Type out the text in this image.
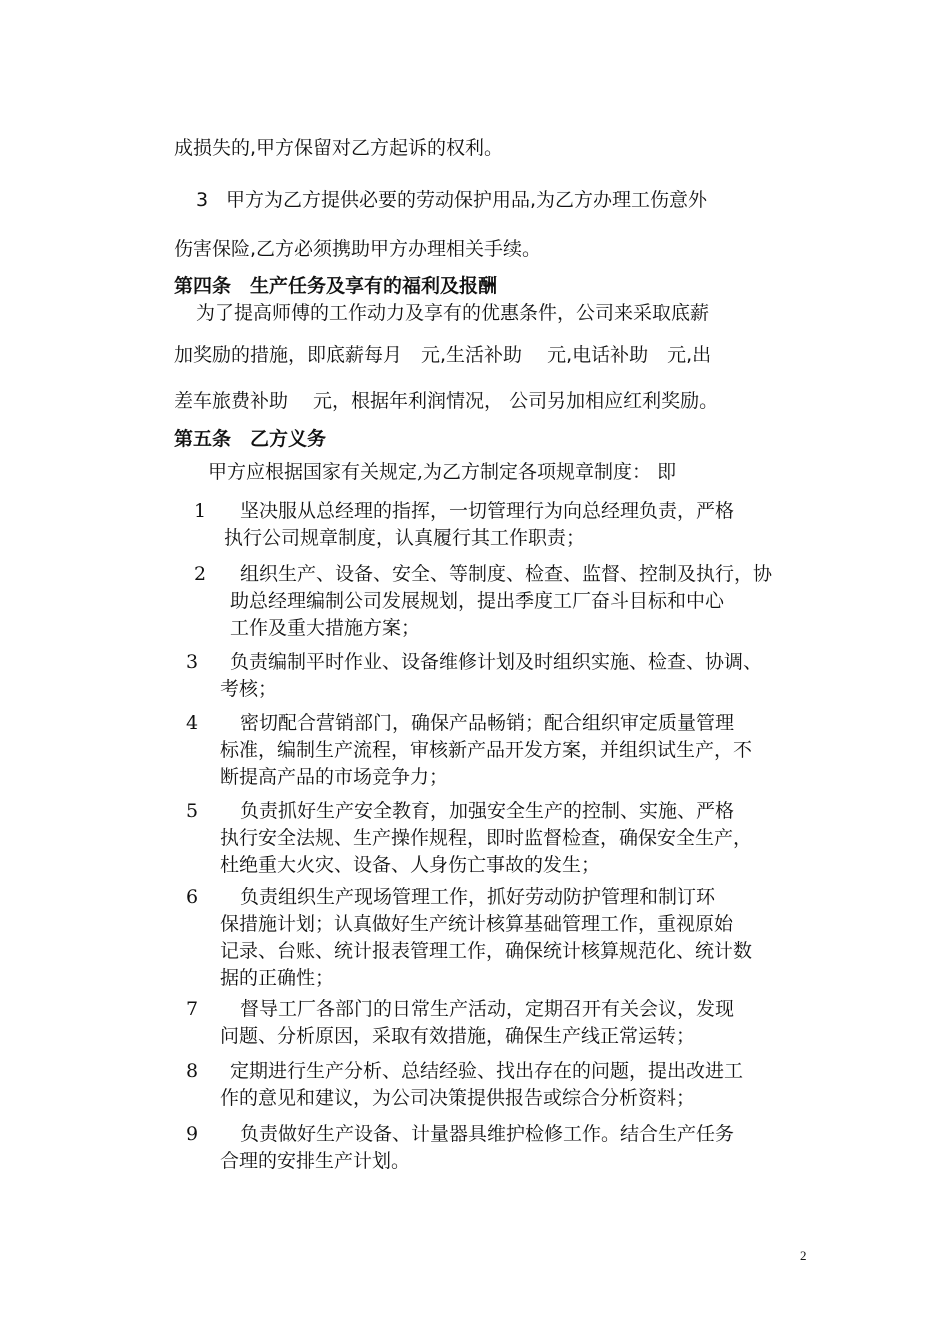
成损失的,甲方保留对乙方起诉的权利。
3 甲方为乙方提供必要的劳动保护用品,为乙方办理工伤意外
伤害保险,乙方必须携助甲方办理相关手续。
第四条　生产任务及享有的福利及报酬
为了提高师傅的工作动力及享有的优惠条件，公司来采取底薪
加奖励的措施，即底薪每月　元,生活补助　 元,电话补助　元,出
差车旅费补助　 元，根据年利润情况， 公司另加相应红利奖励。
第五条　乙方义务
甲方应根据国家有关规定,为乙方制定各项规章制度： 即
1 坚决服从总经理的指挥，一切管理行为向总经理负责，严格
执行公司规章制度，认真履行其工作职责；
2 组织生产、设备、安全、等制度、检查、监督、控制及执行，协
助总经理编制公司发展规划，提出季度工厂奋斗目标和中心
工作及重大措施方案；
3 负责编制平时作业、设备维修计划及时组织实施、检查、协调、
考核；
4 密切配合营销部门，确保产品畅销；配合组织审定质量管理
标准，编制生产流程，审核新产品开发方案，并组织试生产，不
断提高产品的市场竞争力；
5 负责抓好生产安全教育，加强安全生产的控制、实施、严格
执行安全法规、生产操作规程，即时监督检查，确保安全生产，
杜绝重大火灾、设备、人身伤亡事故的发生；
6 负责组织生产现场管理工作，抓好劳动防护管理和制订环
保措施计划；认真做好生产统计核算基础管理工作，重视原始
记录、台账、统计报表管理工作，确保统计核算规范化、统计数
据的正确性；
7 督导工厂各部门的日常生产活动，定期召开有关会议，发现
问题、分析原因，采取有效措施，确保生产线正常运转；
8 定期进行生产分析、总结经验、找出存在的问题，提出改进工
作的意见和建议，为公司决策提供报告或综合分析资料；
9 负责做好生产设备、计量器具维护检修工作。结合生产任务
合理的安排生产计划。
2
